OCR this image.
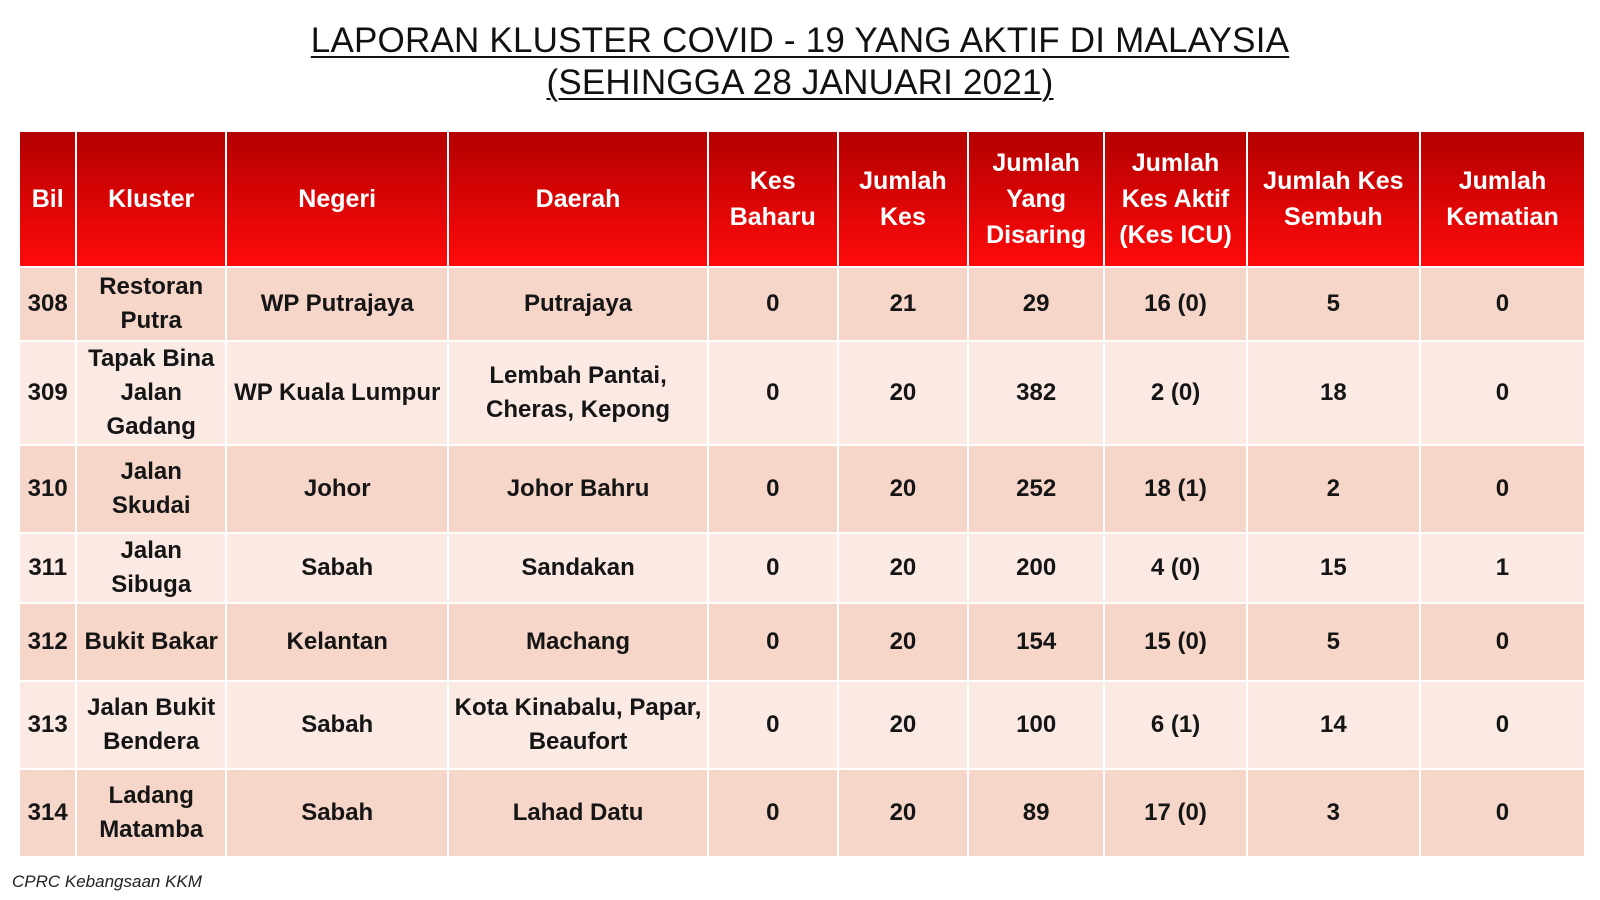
LAPORAN KLUSTER COVID - 19 YANG AKTIF DI MALAYSIA
(SEHINGGA 28 JANUARI 2021)
Bil	Kluster	Negeri	Daerah	Kes Baharu	Jumlah Kes	Jumlah Yang Disaring	Jumlah Kes Aktif (Kes ICU)	Jumlah Kes Sembuh	Jumlah Kematian
308	Restoran Putra	WP Putrajaya	Putrajaya	0	21	29	16 (0)	5	0
309	Tapak Bina Jalan Gadang	WP Kuala Lumpur	Lembah Pantai, Cheras, Kepong	0	20	382	2 (0)	18	0
310	Jalan Skudai	Johor	Johor Bahru	0	20	252	18 (1)	2	0
311	Jalan Sibuga	Sabah	Sandakan	0	20	200	4 (0)	15	1
312	Bukit Bakar	Kelantan	Machang	0	20	154	15 (0)	5	0
313	Jalan Bukit Bendera	Sabah	Kota Kinabalu, Papar, Beaufort	0	20	100	6 (1)	14	0
314	Ladang Matamba	Sabah	Lahad Datu	0	20	89	17 (0)	3	0
CPRC Kebangsaan KKM
